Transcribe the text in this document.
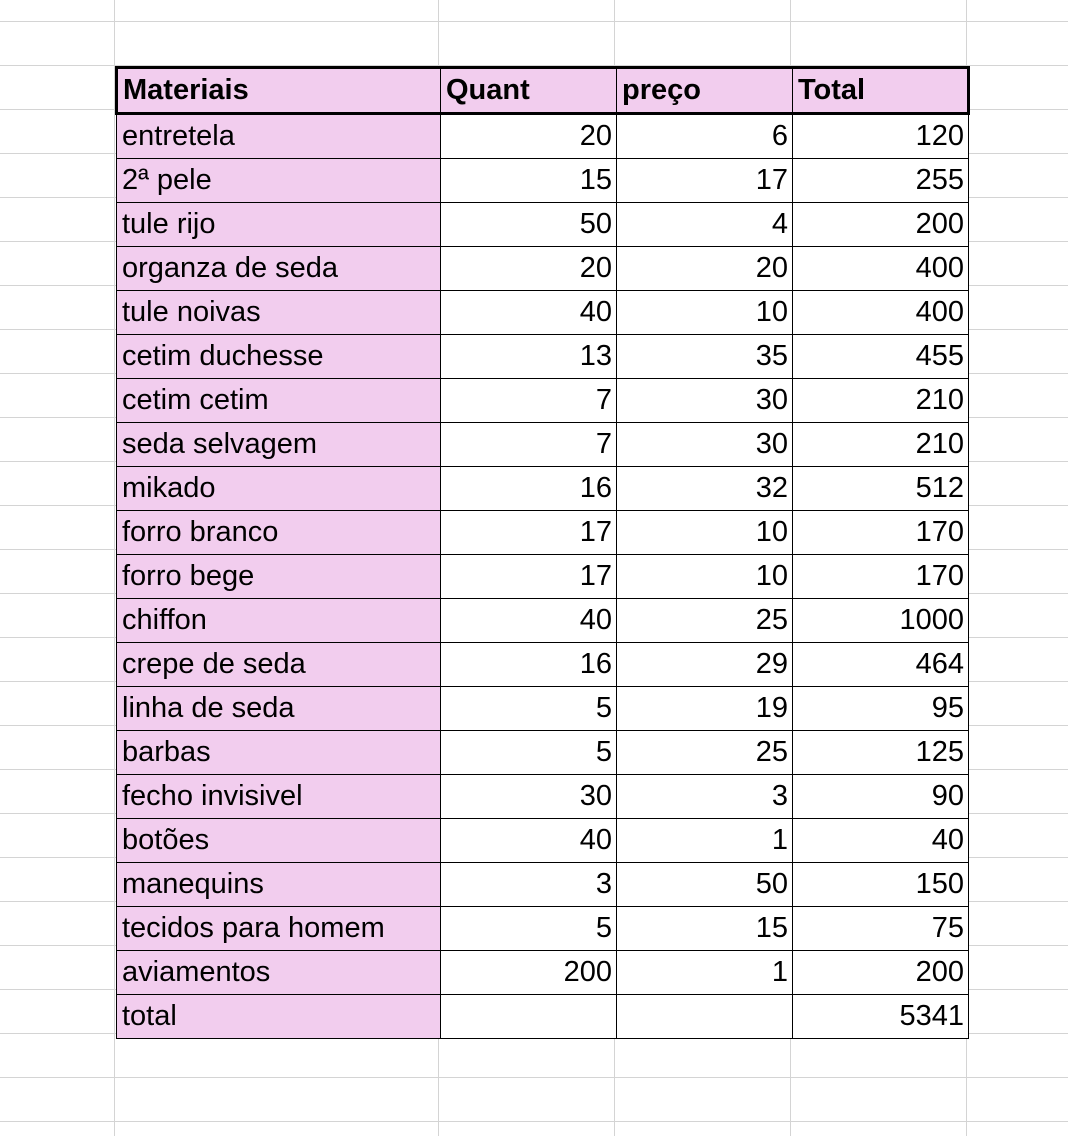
Materiais	Quant	preço	Total
entretela	20	6	120
2ª pele	15	17	255
tule rijo	50	4	200
organza de seda	20	20	400
tule noivas	40	10	400
cetim duchesse	13	35	455
cetim cetim	7	30	210
seda selvagem	7	30	210
mikado	16	32	512
forro branco	17	10	170
forro bege	17	10	170
chiffon	40	25	1000
crepe de seda	16	29	464
linha de seda	5	19	95
barbas	5	25	125
fecho invisivel	30	3	90
botões	40	1	40
manequins	3	50	150
tecidos para homem	5	15	75
aviamentos	200	1	200
total			5341
